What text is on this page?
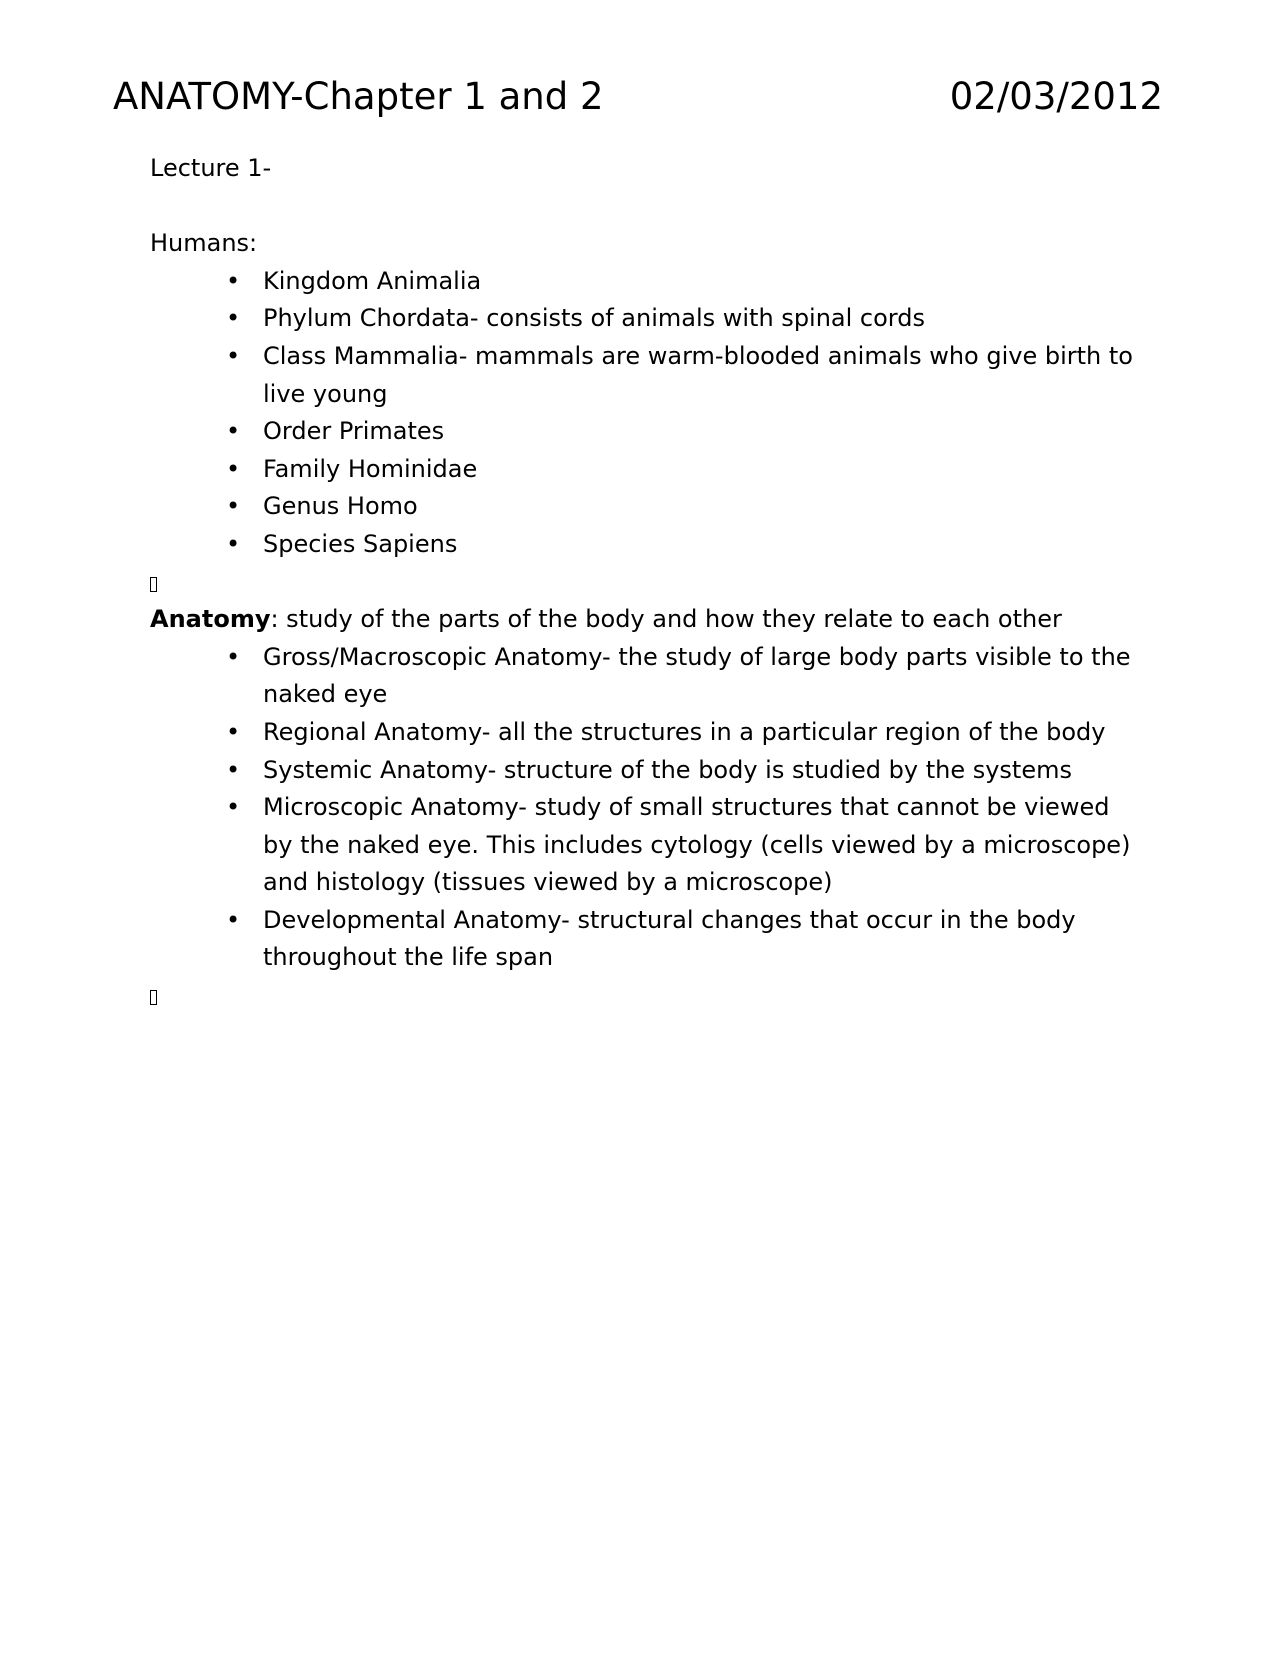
ANATOMY-Chapter 1 and 2	02/03/2012

Lecture 1-

Humans:

• Kingdom Animalia
• Phylum Chordata- consists of animals with spinal cords
• Class Mammalia- mammals are warm-blooded animals who give birth to live young
• Order Primates
• Family Hominidae
• Genus Homo
• Species Sapiens

Anatomy: study of the parts of the body and how they relate to each other

• Gross/Macroscopic Anatomy- the study of large body parts visible to the naked eye
• Regional Anatomy- all the structures in a particular region of the body
• Systemic Anatomy- structure of the body is studied by the systems
• Microscopic Anatomy- study of small structures that cannot be viewed by the naked eye. This includes cytology (cells viewed by a microscope) and histology (tissues viewed by a microscope)
• Developmental Anatomy- structural changes that occur in the body throughout the life span
